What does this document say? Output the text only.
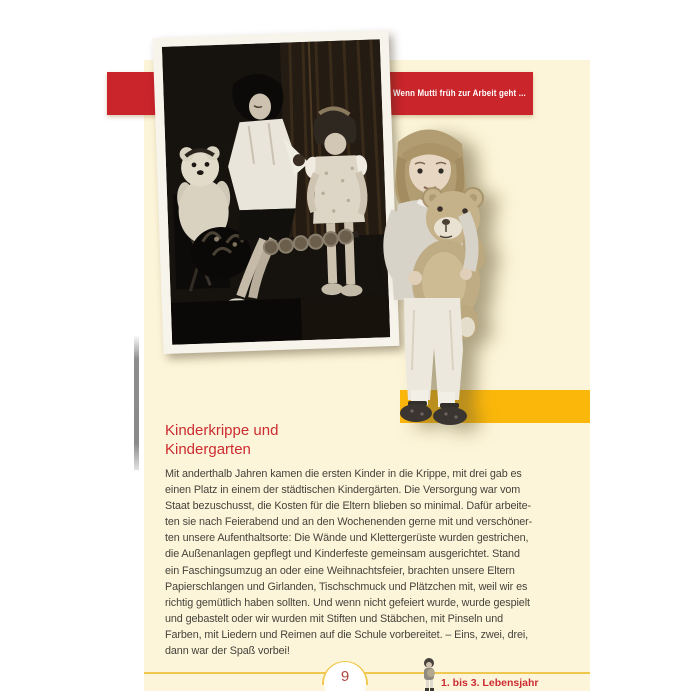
Wenn Mutti früh zur Arbeit geht ...
Kinderkrippe und
Kindergarten
Mit anderthalb Jahren kamen die ersten Kinder in die Krippe, mit drei gab es
einen Platz in einem der städtischen Kindergärten. Die Versorgung war vom
Staat bezuschusst, die Kosten für die Eltern blieben so minimal. Dafür arbeite-
ten sie nach Feierabend und an den Wochenenden gerne mit und verschöner-
ten unsere Aufenthaltsorte: Die Wände und Klettergerüste wurden gestrichen,
die Außenanlagen gepflegt und Kinderfeste gemeinsam ausgerichtet. Stand
ein Faschingsumzug an oder eine Weihnachtsfeier, brachten unsere Eltern
Papierschlangen und Girlanden, Tischschmuck und Plätzchen mit, weil wir es
richtig gemütlich haben sollten. Und wenn nicht gefeiert wurde, wurde gespielt
und gebastelt oder wir wurden mit Stiften und Stäbchen, mit Pinseln und
Farben, mit Liedern und Reimen auf die Schule vorbereitet. – Eins, zwei, drei,
dann war der Spaß vorbei!
9	1. bis 3. Lebensjahr
